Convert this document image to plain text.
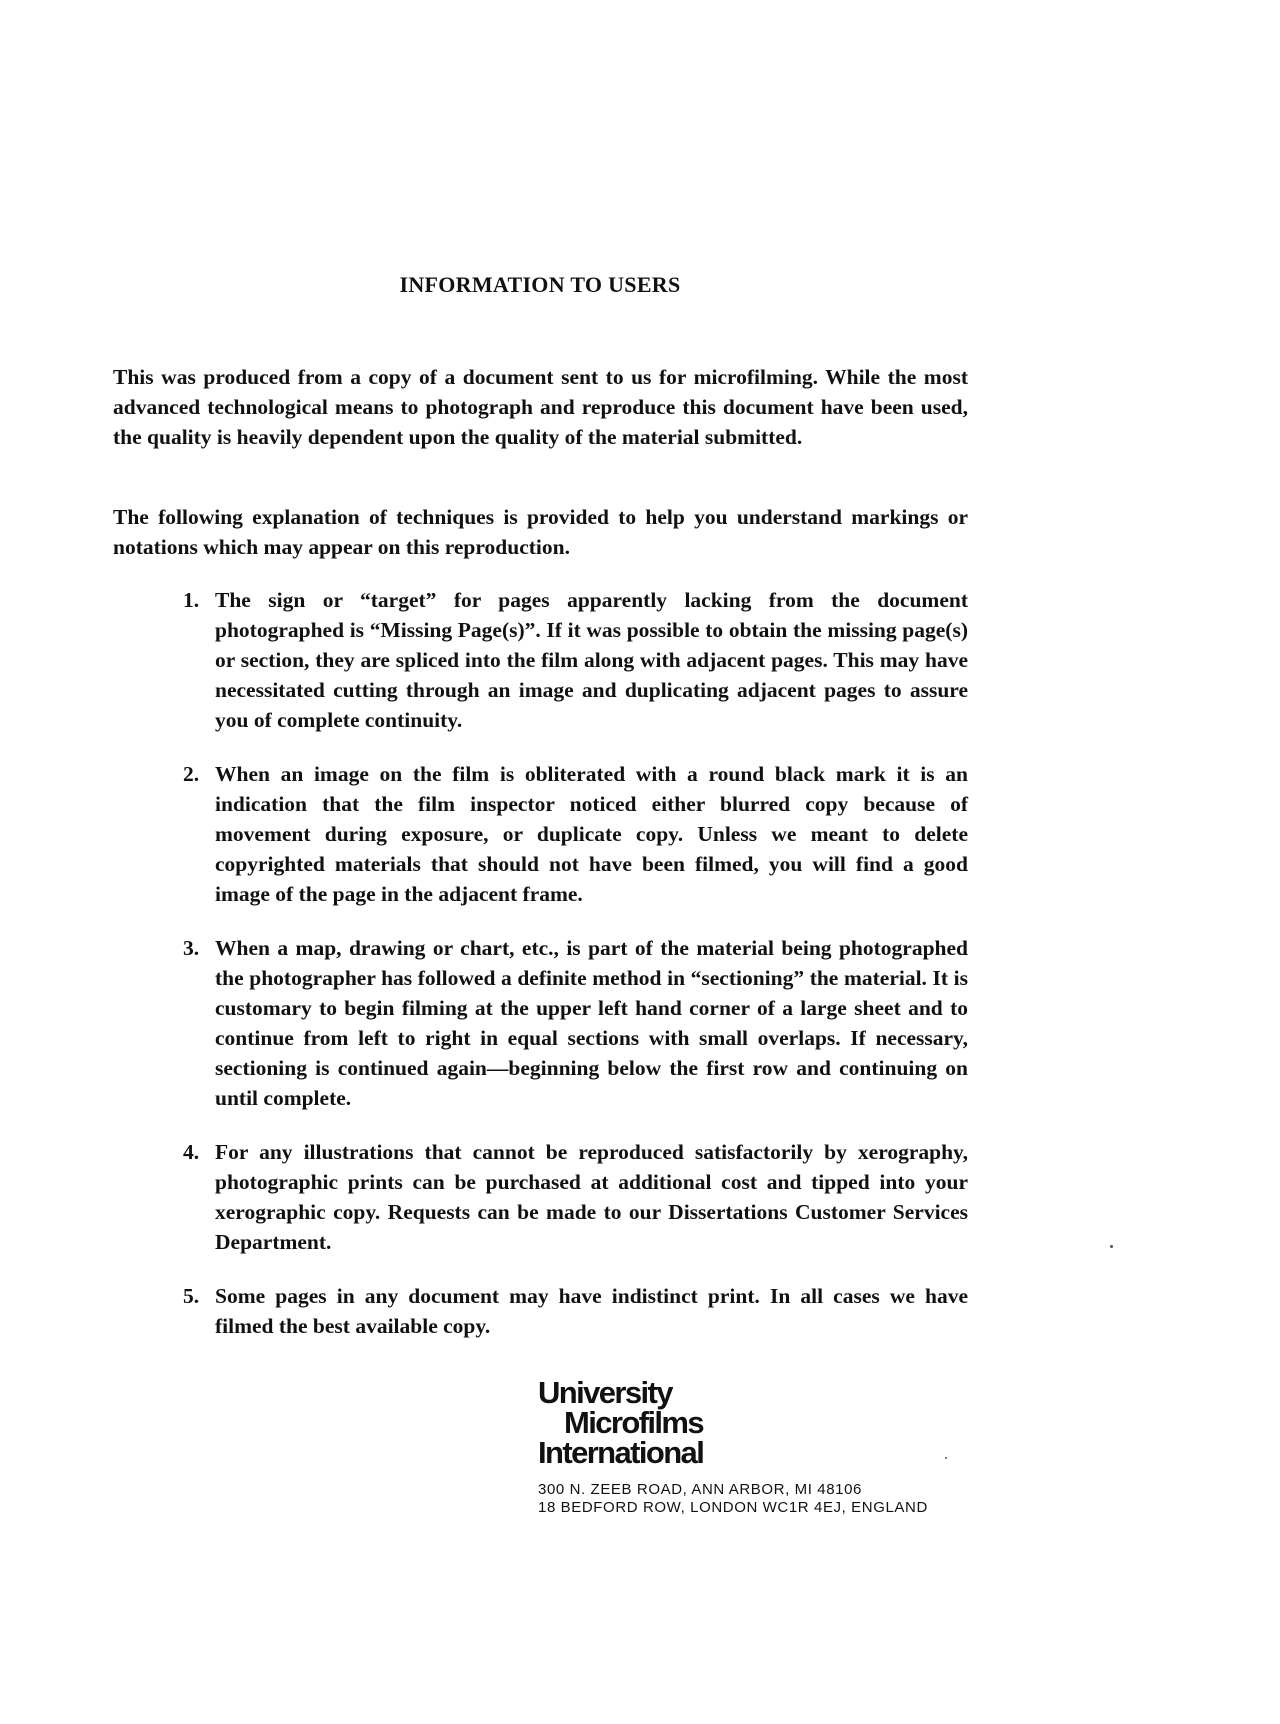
INFORMATION TO USERS
This was produced from a copy of a document sent to us for microfilming. While the most advanced technological means to photograph and reproduce this document have been used, the quality is heavily dependent upon the quality of the material submitted.
The following explanation of techniques is provided to help you understand markings or notations which may appear on this reproduction.
1. The sign or “target” for pages apparently lacking from the document photographed is “Missing Page(s)”. If it was possible to obtain the missing page(s) or section, they are spliced into the film along with adjacent pages. This may have necessitated cutting through an image and duplicating adjacent pages to assure you of complete continuity.
2. When an image on the film is obliterated with a round black mark it is an indication that the film inspector noticed either blurred copy because of movement during exposure, or duplicate copy. Unless we meant to delete copyrighted materials that should not have been filmed, you will find a good image of the page in the adjacent frame.
3. When a map, drawing or chart, etc., is part of the material being photographed the photographer has followed a definite method in “sectioning” the material. It is customary to begin filming at the upper left hand corner of a large sheet and to continue from left to right in equal sections with small overlaps. If necessary, sectioning is continued again—beginning below the first row and continuing on until complete.
4. For any illustrations that cannot be reproduced satisfactorily by xerography, photographic prints can be purchased at additional cost and tipped into your xerographic copy. Requests can be made to our Dissertations Customer Services Department.
5. Some pages in any document may have indistinct print. In all cases we have filmed the best available copy.
University
Microfilms
International
300 N. ZEEB ROAD, ANN ARBOR, MI 48106
18 BEDFORD ROW, LONDON WC1R 4EJ, ENGLAND
